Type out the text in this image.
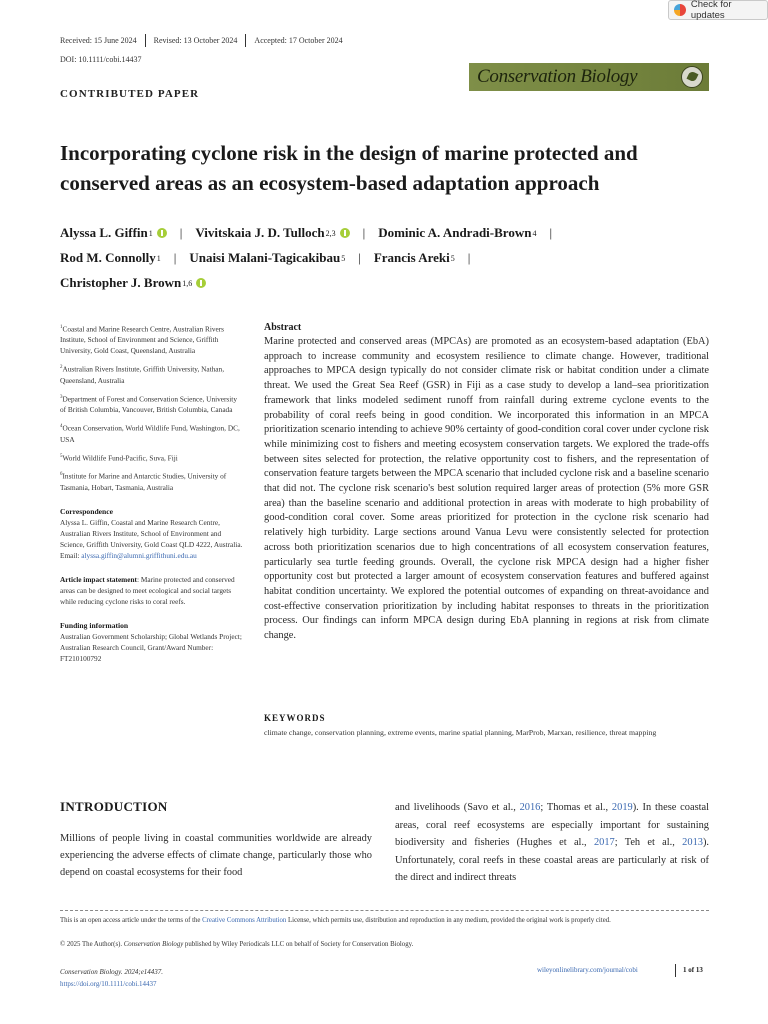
Check for updates
Received: 15 June 2024 Revised: 13 October 2024 Accepted: 17 October 2024
DOI: 10.1111/cobi.14437
Conservation Biology
CONTRIBUTED PAPER
Incorporating cyclone risk in the design of marine protected and conserved areas as an ecosystem-based adaptation approach
Alyssa L. Giffin 1 | Vivitskaia J. D. Tulloch 2,3 | Dominic A. Andradi-Brown 4 |
Rod M. Connolly 1 | Unaisi Malani-Tagicakibau 5 | Francis Areki 5 |
Christopher J. Brown 1,6
$^1$Coastal and Marine Research Centre, Australian Rivers Institute, School of Environment and Science, Griffith University, Gold Coast, Queensland, Australia
$^2$Australian Rivers Institute, Griffith University, Nathan, Queensland, Australia
$^3$Department of Forest and Conservation Science, University of British Columbia, Vancouver, British Columbia, Canada
$^4$Ocean Conservation, World Wildlife Fund, Washington, DC, USA
$^5$World Wildlife Fund-Pacific, Suva, Fiji
$^6$Institute for Marine and Antarctic Studies, University of Tasmania, Hobart, Tasmania, Australia
Correspondence
Alyssa L. Giffin, Coastal and Marine Research Centre, Australian Rivers Institute, School of Environment and Science, Griffith University, Gold Coast QLD 4222, Australia.
Email: alyssa.giffin@alumni.griffithuni.edu.au
Article impact statement: Marine protected and conserved areas can be designed to meet ecological and social targets while reducing cyclone risks to coral reefs.
Funding information
Australian Government Scholarship; Global Wetlands Project; Australian Research Council, Grant/Award Number: FT210100792
Abstract

Marine protected and conserved areas (MPCAs) are promoted as an ecosystem-based adaptation (EbA) approach to increase community and ecosystem resilience to climate change. However, traditional approaches to MPCA design typically do not consider climate risk or habitat condition under a climate threat. We used the Great Sea Reef (GSR) in Fiji as a case study to develop a land–sea prioritization framework that links modeled sediment runoff from rainfall during extreme cyclone events to the probability of coral reefs being in good condition. We incorporated this information in an MPCA prioritization scenario intending to achieve 90% certainty of good-condition coral cover under cyclone risk while minimizing cost to fishers and meeting ecosystem conservation targets. We explored the trade-offs between sites selected for protection, the relative opportunity cost to fishers, and the representation of conservation feature targets between the MPCA scenario that included cyclone risk and a baseline scenario that did not. The cyclone risk scenario's best solution required larger areas of protection (5% more GSR area) than the baseline scenario and additional protection in areas with moderate to high probability of good-condition coral cover. Some areas prioritized for protection in the cyclone risk scenario had relatively high turbidity. Large sections around Vanua Levu were consistently selected for protection across both prioritization scenarios due to high concentrations of all ecosystem conservation features, particularly sea turtle feeding grounds. Overall, the cyclone risk MPCA design had a higher fisher opportunity cost but protected a larger amount of ecosystem conservation features and buffered against habitat condition uncertainty. We explored the potential outcomes of expanding on threat-avoidance and cost-effective conservation prioritization by including habitat responses to threats in the prioritization process. Our findings can inform MPCA design during EbA planning in regions at risk from climate change.

KEYWORDS
climate change, conservation planning, extreme events, marine spatial planning, MarProb, Marxan, resilience, threat mapping
INTRODUCTION

Millions of people living in coastal communities worldwide are already experiencing the adverse effects of climate change, particularly those who depend on coastal ecosystems for their food

and livelihoods (Savo et al., 2016; Thomas et al., 2019). In these coastal areas, coral reef ecosystems are especially important for sustaining biodiversity and fisheries (Hughes et al., 2017; Teh et al., 2013). Unfortunately, coral reefs in these coastal areas are particularly at risk of the direct and indirect threats

This is an open access article under the terms of the Creative Commons Attribution License, which permits use, distribution and reproduction in any medium, provided the original work is properly cited.
© 2025 The Author(s). Conservation Biology published by Wiley Periodicals LLC on behalf of Society for Conservation Biology.
Conservation Biology. 2024;e14437.
https://doi.org/10.1111/cobi.14437
wileyonlinelibrary.com/journal/cobi	1 of 13
